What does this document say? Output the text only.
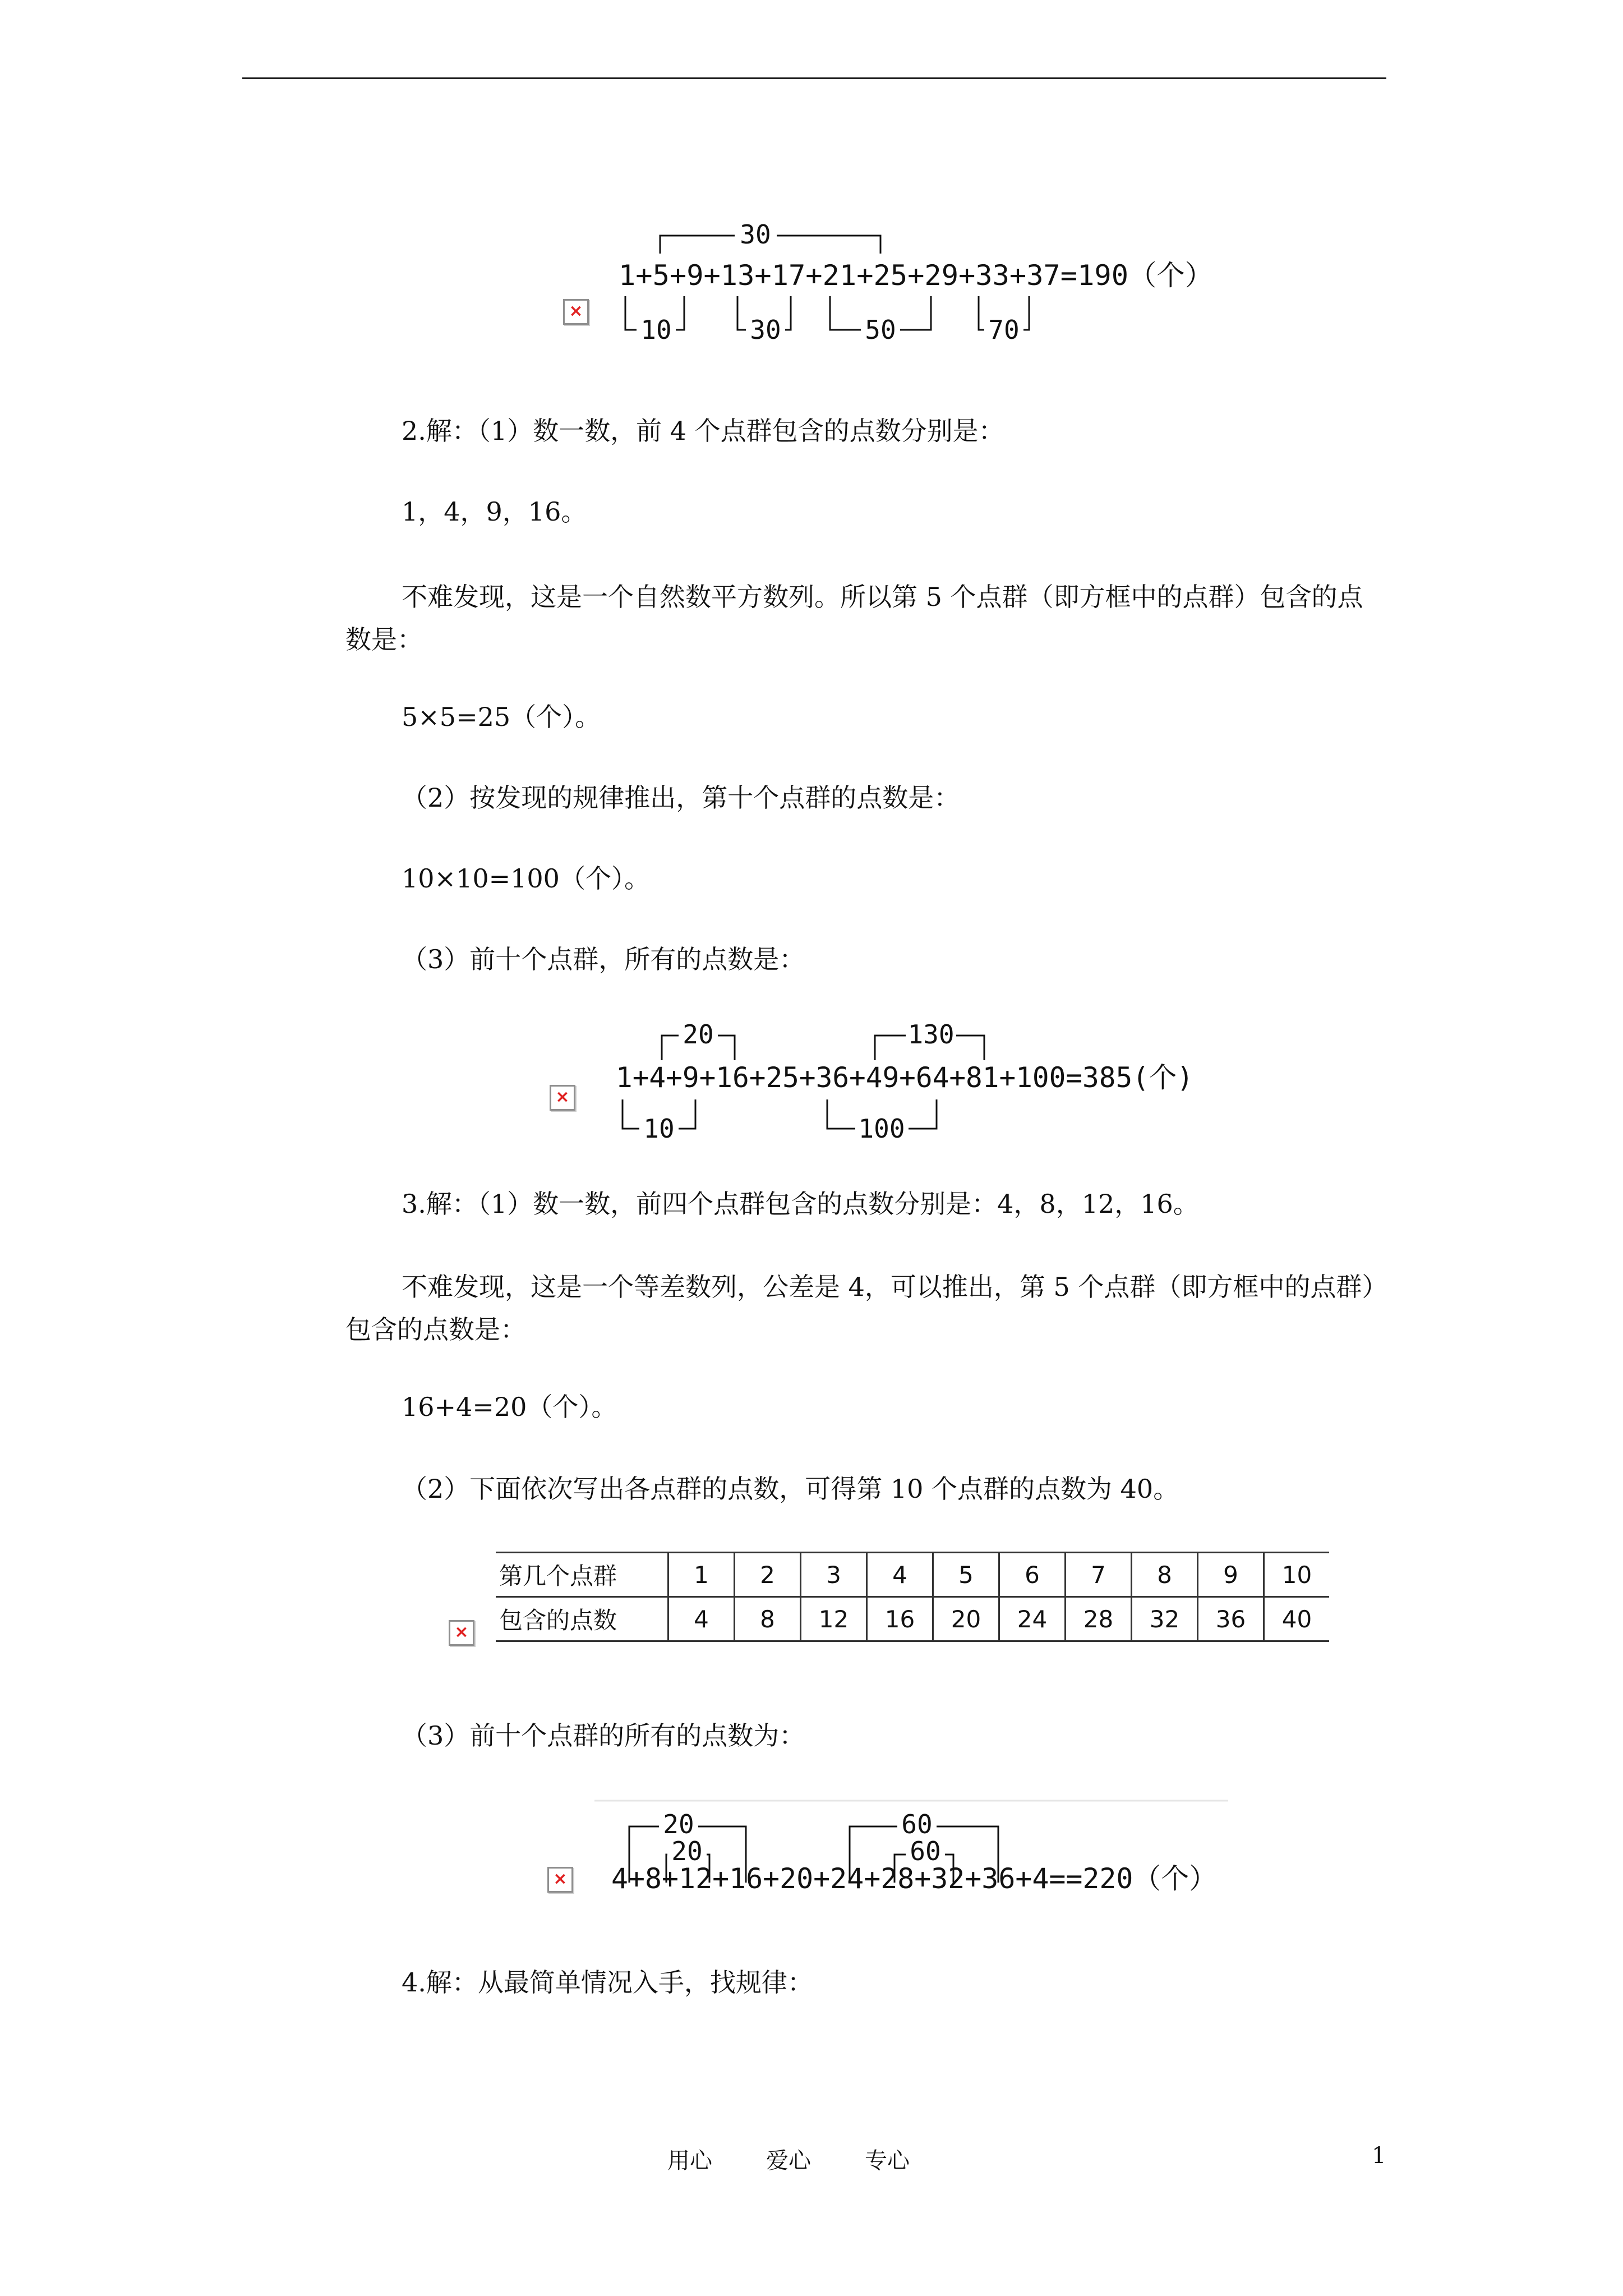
×
30
1+5+9+13+17+21+25+29+33+37=190（个）
10	30	50	70

2.解：（1）数一数，前 4 个点群包含的点数分别是：

1，4，9，16。

不难发现，这是一个自然数平方数列。所以第 5 个点群（即方框中的点群）包含的点数是：

5×5=25（个）。

（2）按发现的规律推出，第十个点群的点数是：

10×10=100（个）。

（3）前十个点群，所有的点数是：

×
20	130
1+4+9+16+25+36+49+64+81+100=385(个)
10	100

3.解：（1）数一数，前四个点群包含的点数分别是：4，8，12，16。

不难发现，这是一个等差数列，公差是 4，可以推出，第 5 个点群（即方框中的点群）包含的点数是：

16+4=20（个）。

（2）下面依次写出各点群的点数，可得第 10 个点群的点数为 40。

×
第几个点群	1	2	3	4	5	6	7	8	9	10
包含的点数	4	8	12	16	20	24	28	32	36	40

（3）前十个点群的所有的点数为：

×
20
20
60
60
4+8+12+16+20+24+28+32+36+4==220（个）

4.解：从最简单情况入手，找规律：

用心 爱心 专心	1
